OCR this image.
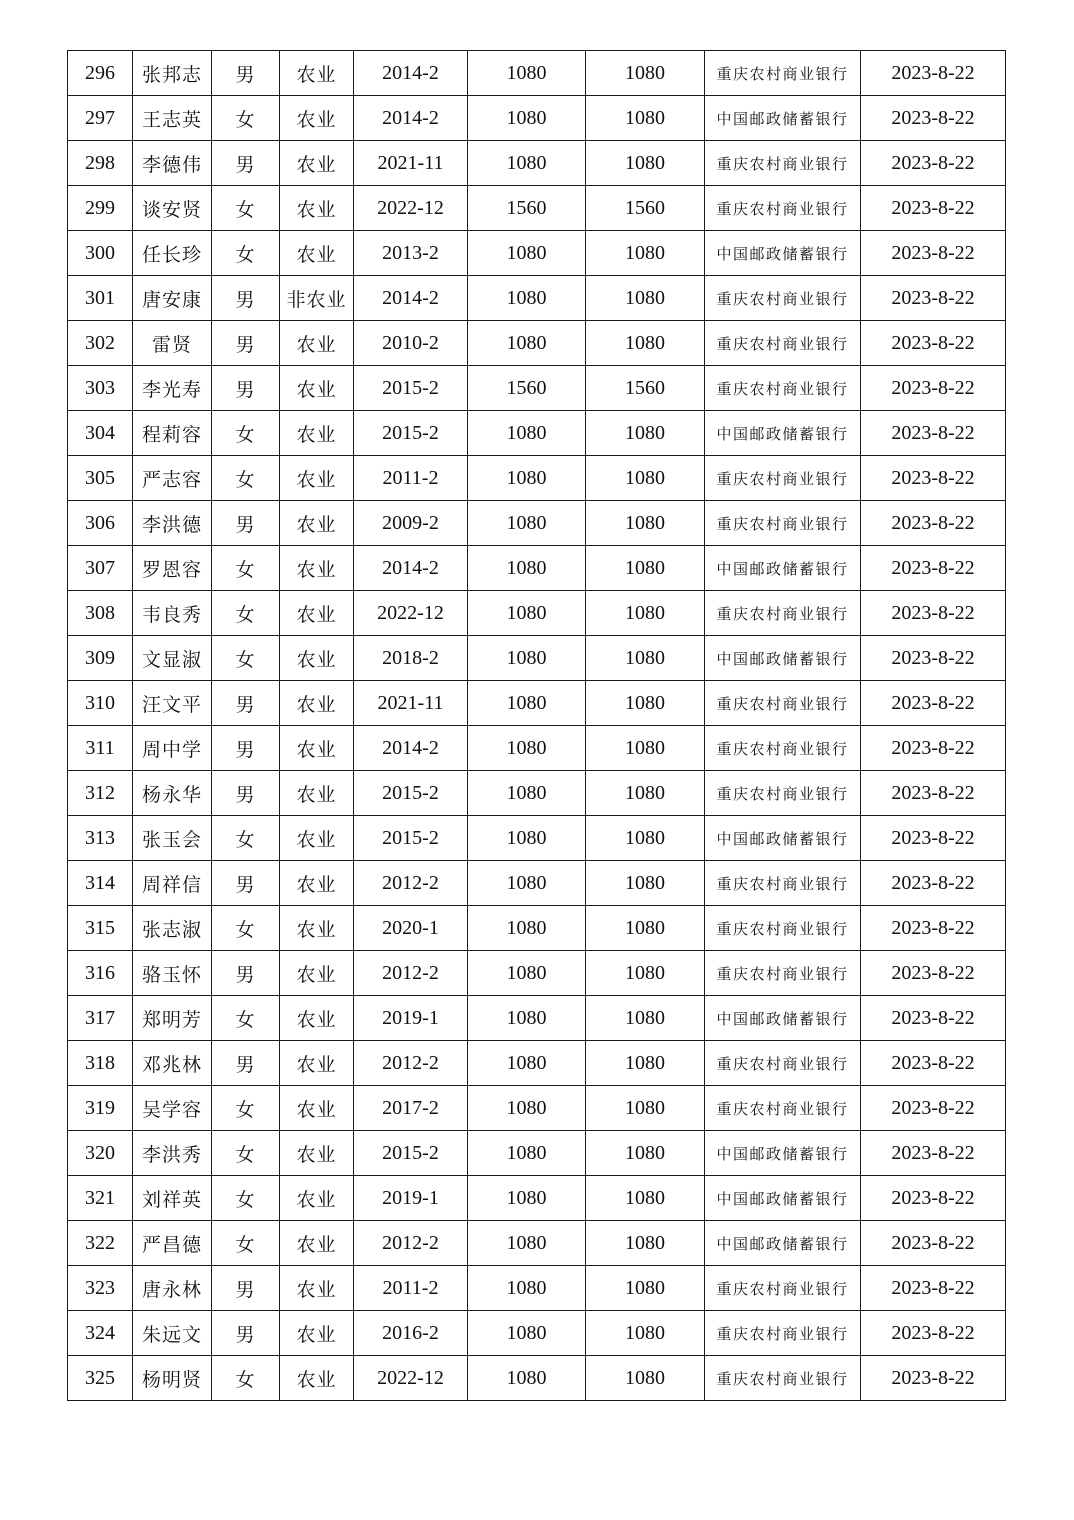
296	张邦志	男	农业	2014-2	1080	1080	重庆农村商业银行	2023-8-22
297	王志英	女	农业	2014-2	1080	1080	中国邮政储蓄银行	2023-8-22
298	李德伟	男	农业	2021-11	1080	1080	重庆农村商业银行	2023-8-22
299	谈安贤	女	农业	2022-12	1560	1560	重庆农村商业银行	2023-8-22
300	任长珍	女	农业	2013-2	1080	1080	中国邮政储蓄银行	2023-8-22
301	唐安康	男	非农业	2014-2	1080	1080	重庆农村商业银行	2023-8-22
302	雷贤	男	农业	2010-2	1080	1080	重庆农村商业银行	2023-8-22
303	李光寿	男	农业	2015-2	1560	1560	重庆农村商业银行	2023-8-22
304	程莉容	女	农业	2015-2	1080	1080	中国邮政储蓄银行	2023-8-22
305	严志容	女	农业	2011-2	1080	1080	重庆农村商业银行	2023-8-22
306	李洪德	男	农业	2009-2	1080	1080	重庆农村商业银行	2023-8-22
307	罗恩容	女	农业	2014-2	1080	1080	中国邮政储蓄银行	2023-8-22
308	韦良秀	女	农业	2022-12	1080	1080	重庆农村商业银行	2023-8-22
309	文显淑	女	农业	2018-2	1080	1080	中国邮政储蓄银行	2023-8-22
310	汪文平	男	农业	2021-11	1080	1080	重庆农村商业银行	2023-8-22
311	周中学	男	农业	2014-2	1080	1080	重庆农村商业银行	2023-8-22
312	杨永华	男	农业	2015-2	1080	1080	重庆农村商业银行	2023-8-22
313	张玉会	女	农业	2015-2	1080	1080	中国邮政储蓄银行	2023-8-22
314	周祥信	男	农业	2012-2	1080	1080	重庆农村商业银行	2023-8-22
315	张志淑	女	农业	2020-1	1080	1080	重庆农村商业银行	2023-8-22
316	骆玉怀	男	农业	2012-2	1080	1080	重庆农村商业银行	2023-8-22
317	郑明芳	女	农业	2019-1	1080	1080	中国邮政储蓄银行	2023-8-22
318	邓兆林	男	农业	2012-2	1080	1080	重庆农村商业银行	2023-8-22
319	吴学容	女	农业	2017-2	1080	1080	重庆农村商业银行	2023-8-22
320	李洪秀	女	农业	2015-2	1080	1080	中国邮政储蓄银行	2023-8-22
321	刘祥英	女	农业	2019-1	1080	1080	中国邮政储蓄银行	2023-8-22
322	严昌德	女	农业	2012-2	1080	1080	中国邮政储蓄银行	2023-8-22
323	唐永林	男	农业	2011-2	1080	1080	重庆农村商业银行	2023-8-22
324	朱远文	男	农业	2016-2	1080	1080	重庆农村商业银行	2023-8-22
325	杨明贤	女	农业	2022-12	1080	1080	重庆农村商业银行	2023-8-22
